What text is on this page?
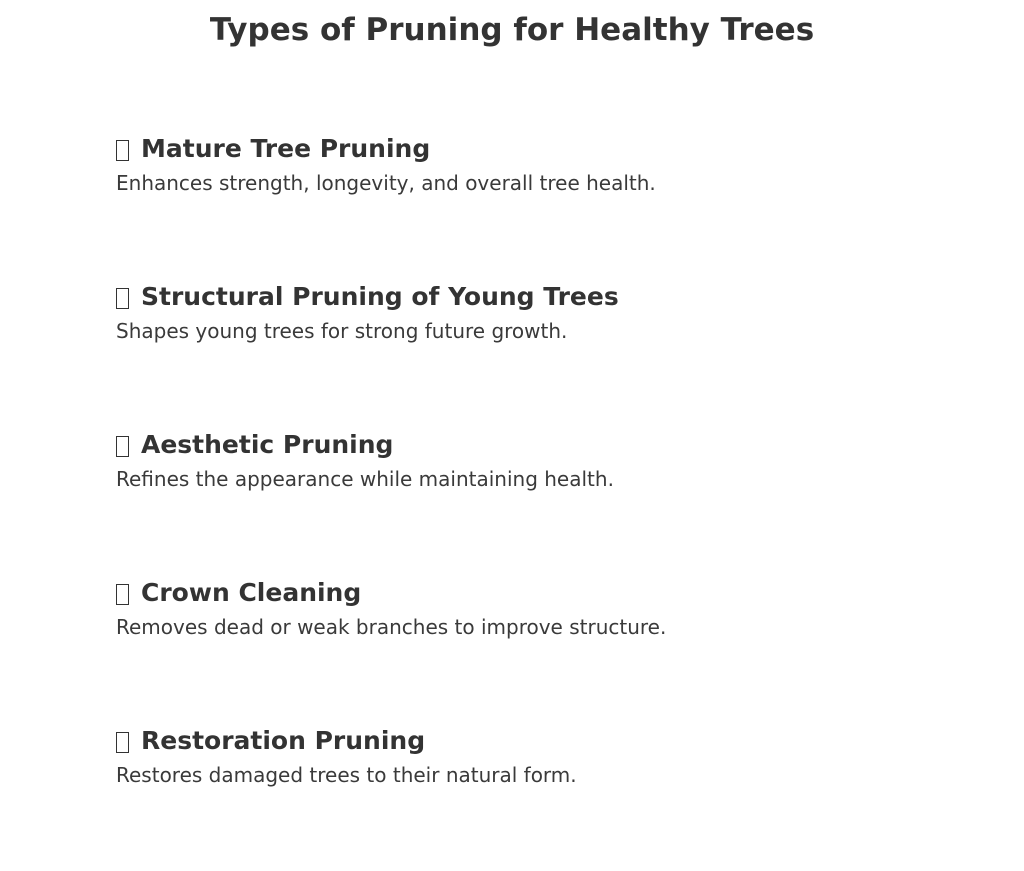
Types of Pruning for Healthy Trees
Mature Tree Pruning

Enhances strength, longevity, and overall tree health.

Structural Pruning of Young Trees

Shapes young trees for strong future growth.

Aesthetic Pruning

Refines the appearance while maintaining health.

Crown Cleaning

Removes dead or weak branches to improve structure.

Restoration Pruning

Restores damaged trees to their natural form.
